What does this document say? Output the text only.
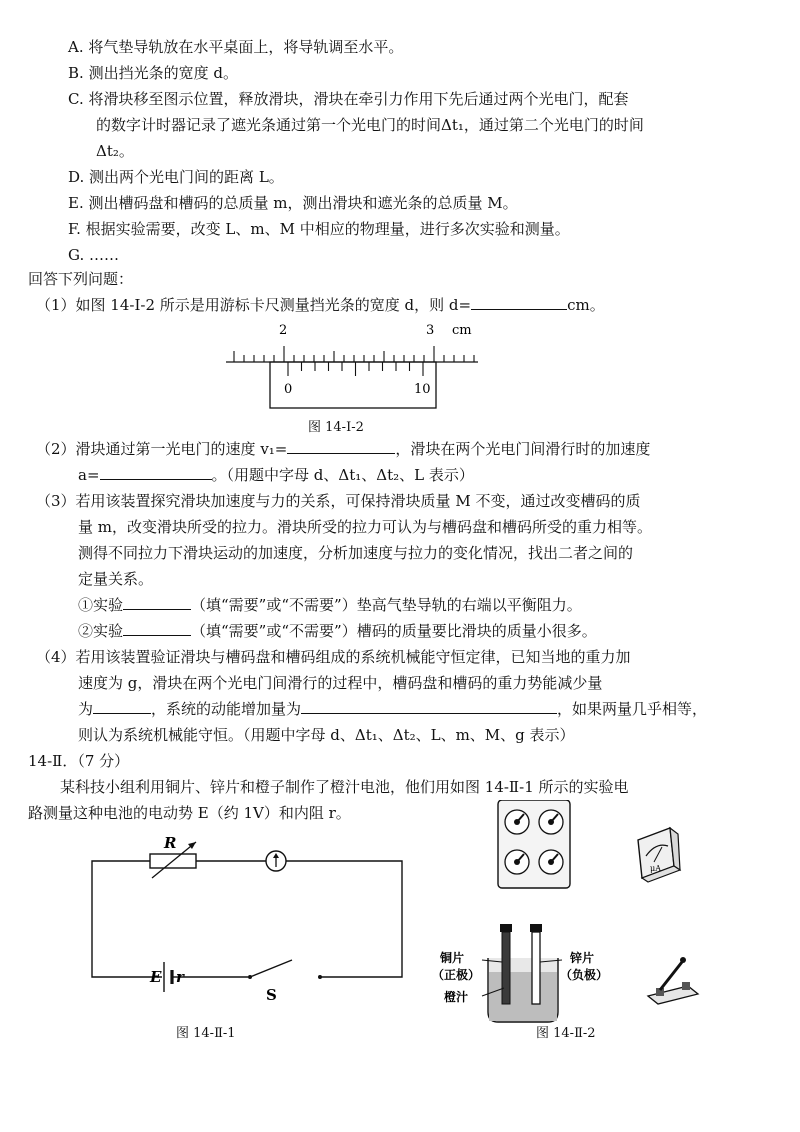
A. 将气垫导轨放在水平桌面上，将导轨调至水平。
B. 测出挡光条的宽度 d。
C. 将滑块移至图示位置，释放滑块，滑块在牵引力作用下先后通过两个光电门，配套
的数字计时器记录了遮光条通过第一个光电门的时间Δt₁，通过第二个光电门的时间
Δt₂。
D. 测出两个光电门间的距离 L。
E. 测出槽码盘和槽码的总质量 m，测出滑块和遮光条的总质量 M。
F. 根据实验需要，改变 L、m、M 中相应的物理量，进行多次实验和测量。
G. ……
回答下列问题：
（1）如图 14-Ⅰ-2 所示是用游标卡尺测量挡光条的宽度 d，则 d=	cm。
2	3 cm
0	10
图 14-Ⅰ-2
（2）滑块通过第一光电门的速度 v₁=	，滑块在两个光电门间滑行时的加速度
a=	。（用题中字母 d、Δt₁、Δt₂、L 表示）
（3）若用该装置探究滑块加速度与力的关系，可保持滑块质量 M 不变，通过改变槽码的质
量 m，改变滑块所受的拉力。滑块所受的拉力可认为与槽码盘和槽码所受的重力相等。
测得不同拉力下滑块运动的加速度，分析加速度与拉力的变化情况，找出二者之间的
定量关系。
①实验	（填“需要”或“不需要”）垫高气垫导轨的右端以平衡阻力。
②实验	（填“需要”或“不需要”）槽码的质量要比滑块的质量小很多。
（4）若用该装置验证滑块与槽码盘和槽码组成的系统机械能守恒定律，已知当地的重力加
速度为 g，滑块在两个光电门间滑行的过程中，槽码盘和槽码的重力势能减少量
为	，系统的动能增加量为	，如果两量几乎相等，
则认为系统机械能守恒。（用题中字母 d、Δt₁、Δt₂、L、m、M、g 表示）
14-Ⅱ．（7 分）
某科技小组利用铜片、锌片和橙子制作了橙汁电池，他们用如图 14-Ⅱ-1 所示的实验电
路测量这种电池的电动势 E（约 1V）和内阻 r。
R
E r
S
图 14-Ⅱ-1
μA
铜片
（正极）
橙汁
锌片
（负极）
图 14-Ⅱ-2
